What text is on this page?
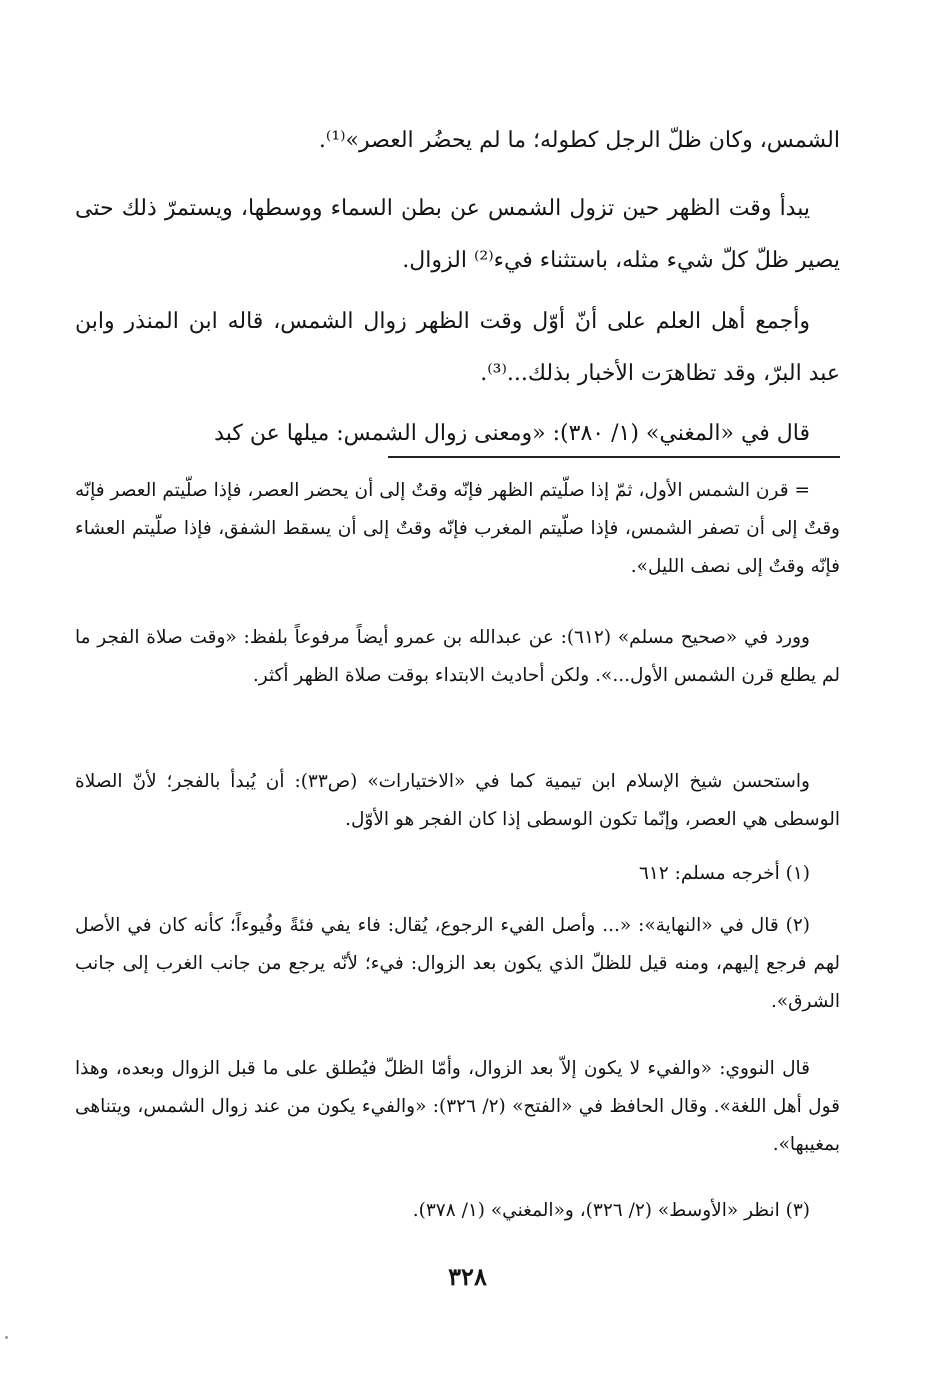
الشمس، وكان ظلّ الرجل كطوله؛ ما لم يحضُر العصر»⁽¹⁾.

يبدأ وقت الظهر حين تزول الشمس عن بطن السماء ووسطها، ويستمرّ ذلك حتى يصير ظلّ كلّ شيء مثله، باستثناء فيء⁽²⁾ الزوال.

وأجمع أهل العلم على أنّ أوّل وقت الظهر زوال الشمس، قاله ابن المنذر وابن عبد البرّ، وقد تظاهرَت الأخبار بذلك...⁽³⁾.

قال في «المغني» (١/ ٣٨٠): «ومعنى زوال الشمس: ميلها عن كبد

= قرن الشمس الأول، ثمّ إذا صلّيتم الظهر فإنّه وقتٌ إلى أن يحضر العصر، فإذا صلّيتم العصر فإنّه وقتٌ إلى أن تصفر الشمس، فإذا صلّيتم المغرب فإنّه وقتٌ إلى أن يسقط الشفق، فإذا صلّيتم العشاء فإنّه وقتٌ إلى نصف الليل».

وورد في «صحيح مسلم» (٦١٢): عن عبدالله بن عمرو أيضاً مرفوعاً بلفظ: «وقت صلاة الفجر ما لم يطلع قرن الشمس الأول...». ولكن أحاديث الابتداء بوقت صلاة الظهر أكثر.

واستحسن شيخ الإسلام ابن تيمية كما في «الاختيارات» (ص٣٣): أن يُبدأ بالفجر؛ لأنّ الصلاة الوسطى هي العصر، وإنّما تكون الوسطى إذا كان الفجر هو الأوّل.

(١) أخرجه مسلم: ٦١٢

(٢) قال في «النهاية»: «... وأصل الفيء الرجوع، يُقال: فاء يفي فئةً وفُيوءاً؛ كأنه كان في الأصل لهم فرجع إليهم، ومنه قيل للظلّ الذي يكون بعد الزوال: فيء؛ لأنّه يرجع من جانب الغرب إلى جانب الشرق».

قال النووي: «والفيء لا يكون إلاّ بعد الزوال، وأمّا الظلّ فيُطلق على ما قبل الزوال وبعده، وهذا قول أهل اللغة». وقال الحافظ في «الفتح» (٢/ ٣٢٦): «والفيء يكون من عند زوال الشمس، ويتناهى بمغيبها».

(٣) انظر «الأوسط» (٢/ ٣٢٦)، و«المغني» (١/ ٣٧٨).

٣٢٨
